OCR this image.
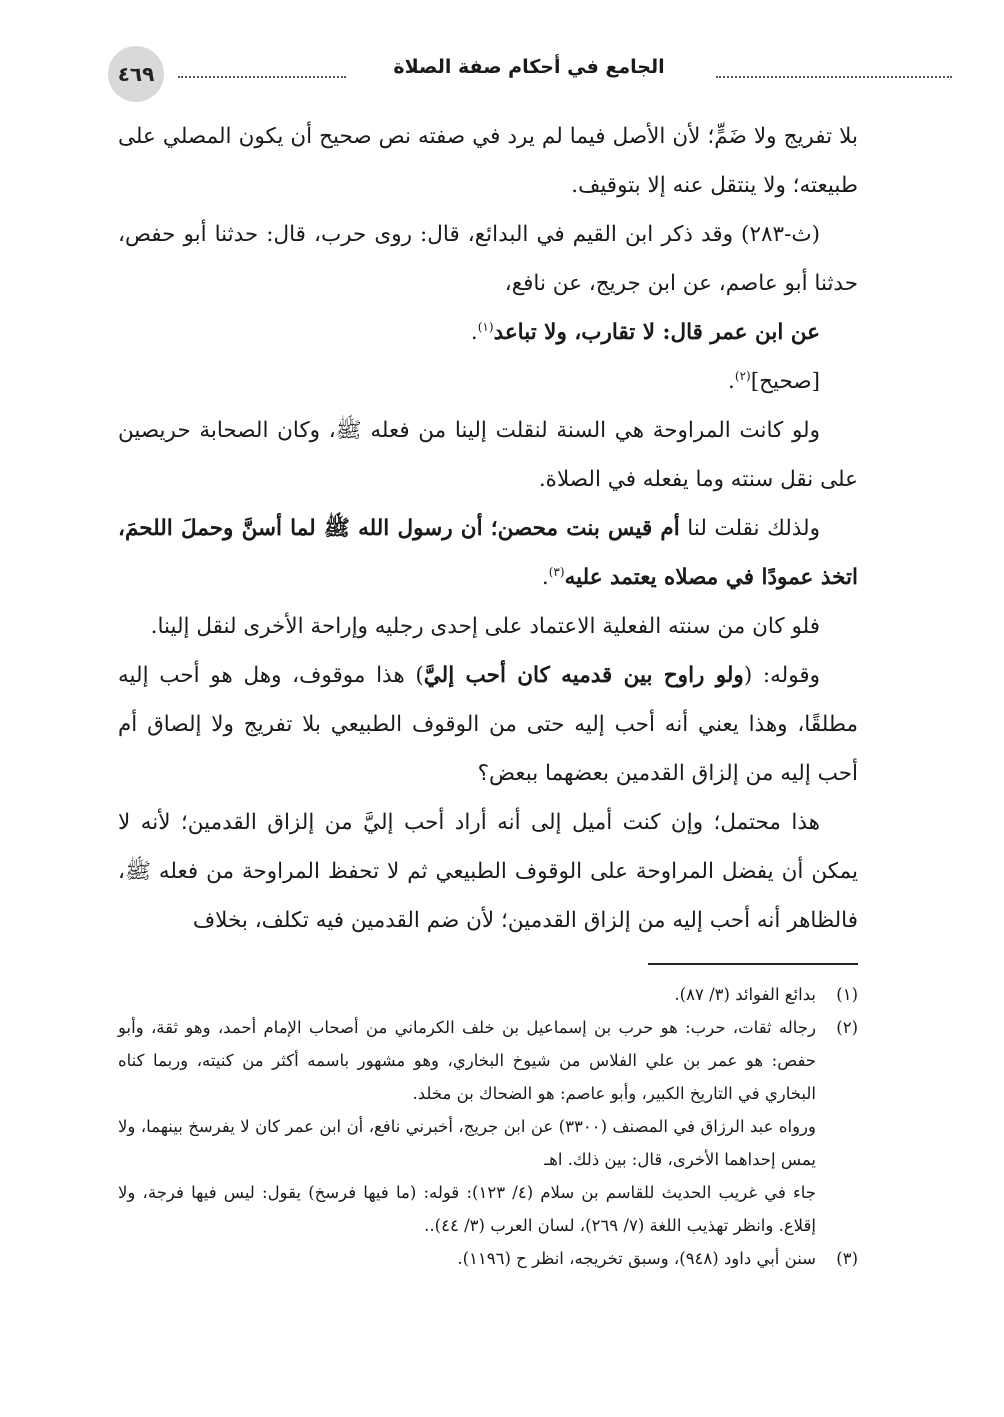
٤٦٩	الجامع في أحكام صفة الصلاة

بلا تفريج ولا ضَمٍّ؛ لأن الأصل فيما لم يرد في صفته نص صحيح أن يكون المصلي على طبيعته؛ ولا ينتقل عنه إلا بتوقيف.

(ث-٢٨٣) وقد ذكر ابن القيم في البدائع، قال: روى حرب، قال: حدثنا أبو حفص، حدثنا أبو عاصم، عن ابن جريج، عن نافع،

عن ابن عمر قال: لا تقارب، ولا تباعد$^{(١)}$.

[صحيح]$^{(٢)}$.

ولو كانت المراوحة هي السنة لنقلت إلينا من فعله ﷺ، وكان الصحابة حريصين على نقل سنته وما يفعله في الصلاة.

ولذلك نقلت لنا أم قيس بنت محصن؛ أن رسول الله ﷺ لما أسنَّ وحملَ اللحمَ، اتخذ عمودًا في مصلاه يعتمد عليه$^{(٣)}$.

فلو كان من سنته الفعلية الاعتماد على إحدى رجليه وإراحة الأخرى لنقل إلينا.

وقوله: (ولو راوح بين قدميه كان أحب إليَّ) هذا موقوف، وهل هو أحب إليه مطلقًا، وهذا يعني أنه أحب إليه حتى من الوقوف الطبيعي بلا تفريج ولا إلصاق أم أحب إليه من إلزاق القدمين بعضهما ببعض؟

هذا محتمل؛ وإن كنت أميل إلى أنه أراد أحب إليَّ من إلزاق القدمين؛ لأنه لا يمكن أن يفضل المراوحة على الوقوف الطبيعي ثم لا تحفظ المراوحة من فعله ﷺ، فالظاهر أنه أحب إليه من إلزاق القدمين؛ لأن ضم القدمين فيه تكلف، بخلاف

(١)
بدائع الفوائد (٣/ ٨٧).
(٢)
رجاله ثقات، حرب: هو حرب بن إسماعيل بن خلف الكرماني من أصحاب الإمام أحمد، وهو ثقة، وأبو حفص: هو عمر بن علي الفلاس من شيوخ البخاري، وهو مشهور باسمه أكثر من كنيته، وربما كناه البخاري في التاريخ الكبير، وأبو عاصم: هو الضحاك بن مخلد.
ورواه عبد الرزاق في المصنف (٣٣٠٠) عن ابن جريج، أخبرني نافع، أن ابن عمر كان لا يفرسخ بينهما، ولا يمس إحداهما الأخرى، قال: بين ذلك. اهـ
جاء في غريب الحديث للقاسم بن سلام (٤/ ١٢٣): قوله: (ما فيها فرسخ) يقول: ليس فيها فرجة، ولا إقلاع. وانظر تهذيب اللغة (٧/ ٢٦٩)، لسان العرب (٣/ ٤٤)..
(٣)
سنن أبي داود (٩٤٨)، وسبق تخريجه، انظر ح (١١٩٦).
